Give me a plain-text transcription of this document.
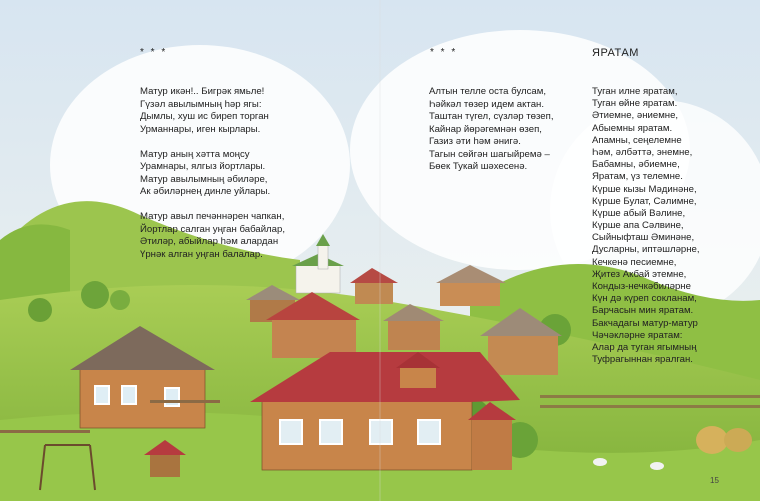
* * *
Матур икән!.. Бигрәк ямьле!
Гүзәл авылымның һәр ягы:
Дымлы, хуш ис биреп торган
Урманнары, иген кырлары.
Матур аның хәтта моңсу
Урамнары, ялгыз йортлары.
Матур авылымның әбиләре,
Ак әбиләрнең динле уйлары.
Матур авыл печәннәрен чапкан,
Йортлар салган уңган бабайлар,
Әтиләр, абыйлар һәм алардан
Үрнәк алган уңган балалар.
* * *
Алтын телле оста булсам,
Һәйкәл төзер идем актан.
Таштан түгел, сүзләр төзеп,
Кайнар йөрәгемнән өзеп,
Газиз әти һәм әнигә.
Тагын сөйгән шагыйремә –
Бөек Тукай шәхесенә.
ЯРАТАМ
Туган илне яратам,
Туган өйне яратам.
Әтиемне, әниемне,
Абыемны яратам.
Апамны, сеңелемне
Һәм, әлбәттә, энемне,
Бабамны, әбиемне,
Яратам, үз телемне.
Күрше кызы Мәдинәне,
Күрше Булат, Сәлимне,
Күрше абый Вәлине,
Күрше апа Сәлвине,
Сыйныфташ Әминәне,
Дусларны, иптәшләрне,
Кечкенә песиемне,
Җитез Акбай этемне,
Кондыз-нечкәбиләрне
Күн дә күреп сокланам,
Барчасын мин яратам.
Бакчадагы матур-матур
Чәчәкләрне яратам:
Алар да туган ягымның
Туфрагыннан яралган.
15
